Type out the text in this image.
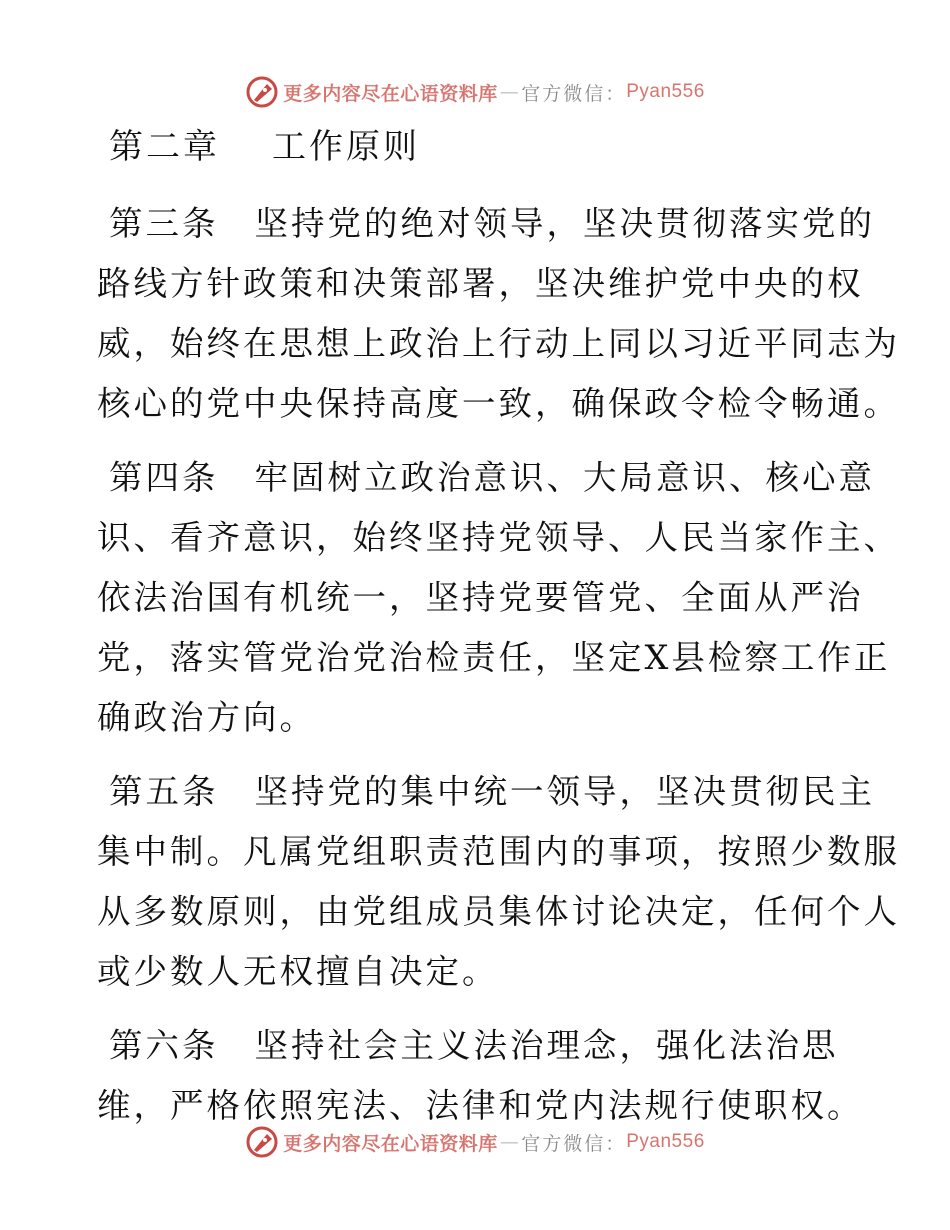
更多内容尽在心语资料库 — 官方微信： Pyan556
第二章 工作原则
第三条 坚持党的绝对领导，坚决贯彻落实党的
路线方针政策和决策部署，坚决维护党中央的权
威，始终在思想上政治上行动上同以习近平同志为
核心的党中央保持高度一致，确保政令检令畅通。
第四条 牢固树立政治意识、大局意识、核心意
识、看齐意识，始终坚持党领导、人民当家作主、
依法治国有机统一，坚持党要管党、全面从严治
党，落实管党治党治检责任，坚定X县检察工作正
确政治方向。
第五条 坚持党的集中统一领导，坚决贯彻民主
集中制。凡属党组职责范围内的事项，按照少数服
从多数原则，由党组成员集体讨论决定，任何个人
或少数人无权擅自决定。
第六条 坚持社会主义法治理念，强化法治思
维，严格依照宪法、法律和党内法规行使职权。
更多内容尽在心语资料库 — 官方微信： Pyan556
